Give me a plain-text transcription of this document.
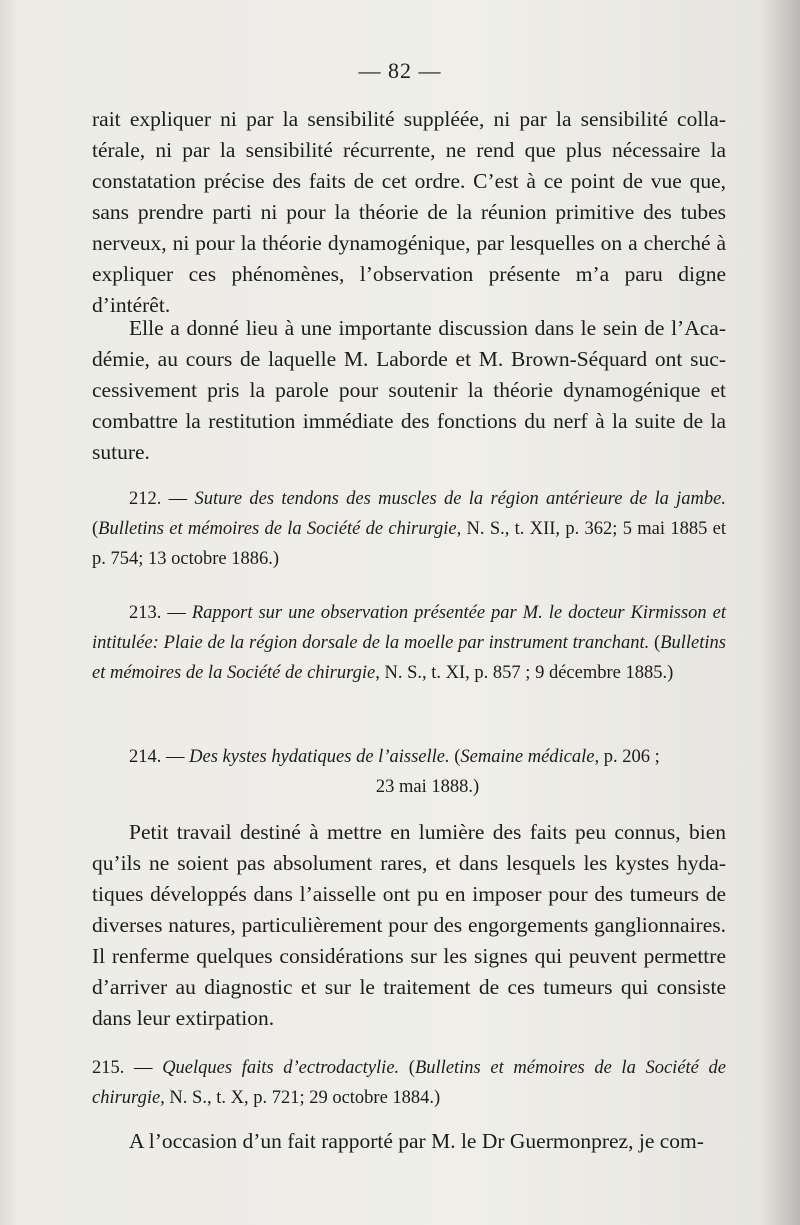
— 82 —

rait expliquer ni par la sensibilité suppléée, ni par la sensibilité collatérale, ni par la sensibilité récurrente, ne rend que plus nécessaire la constatation précise des faits de cet ordre. C’est à ce point de vue que, sans prendre parti ni pour la théorie de la réunion primitive des tubes nerveux, ni pour la théorie dynamogénique, par lesquelles on a cherché à expliquer ces phénomènes, l’observation présente m’a paru digne d’intérêt.

Elle a donné lieu à une importante discussion dans le sein de l’Académie, au cours de laquelle M. Laborde et M. Brown-Séquard ont successivement pris la parole pour soutenir la théorie dynamogénique et combattre la restitution immédiate des fonctions du nerf à la suite de la suture.

212. — Suture des tendons des muscles de la région antérieure de la jambe. (Bulletins et mémoires de la Société de chirurgie, N. S., t. XII, p. 362; 5 mai 1885 et p. 754; 13 octobre 1886.)

213. — Rapport sur une observation présentée par M. le docteur Kirmisson et intitulée: Plaie de la région dorsale de la moelle par instrument tranchant. (Bulletins et mémoires de la Société de chirurgie, N. S., t. XI, p. 857 ; 9 décembre 1885.)

214. — Des kystes hydatiques de l’aisselle. (Semaine médicale, p. 206 ;
23 mai 1888.)

Petit travail destiné à mettre en lumière des faits peu connus, bien qu’ils ne soient pas absolument rares, et dans lesquels les kystes hydatiques développés dans l’aisselle ont pu en imposer pour des tumeurs de diverses natures, particulièrement pour des engorgements ganglionnaires. Il renferme quelques considérations sur les signes qui peuvent permettre d’arriver au diagnostic et sur le traitement de ces tumeurs qui consiste dans leur extirpation.

215. — Quelques faits d’ectrodactylie. (Bulletins et mémoires de la Société de chirurgie, N. S., t. X, p. 721; 29 octobre 1884.)

A l’occasion d’un fait rapporté par M. le Dr Guermonprez, je com-
